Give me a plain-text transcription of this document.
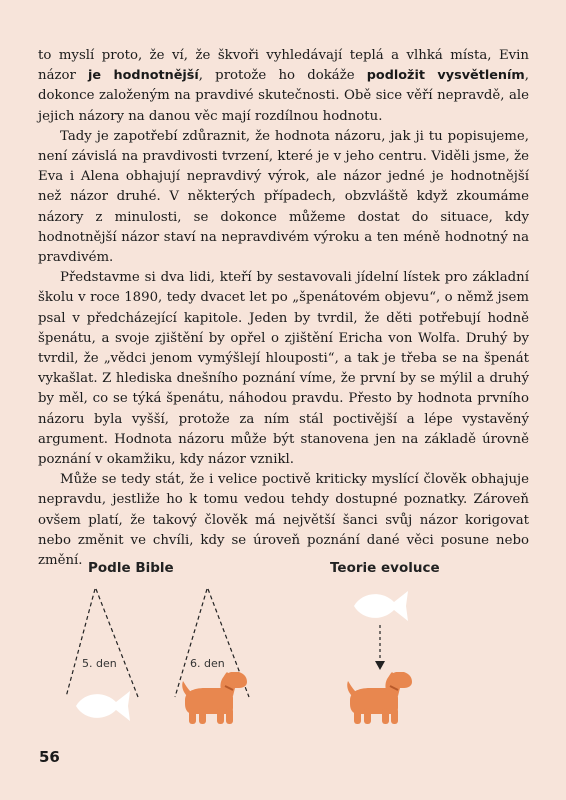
to myslí proto, že ví, že škvoři vyhledávají teplá a vlhká místa, Evin názor je hodnotnější, protože ho dokáže podložit vysvětlením, dokonce založeným na pravdivé skutečnosti. Obě sice věří nepravdě, ale jejich názory na danou věc mají rozdílnou hodnotu.

Tady je zapotřebí zdůraznit, že hodnota názoru, jak ji tu popisujeme, není závislá na pravdivosti tvrzení, které je v jeho centru. Viděli jsme, že Eva i Alena obhajují nepravdivý výrok, ale názor jedné je hodnotnější než názor druhé. V některých případech, obzvláště když zkoumáme názory z minulosti, se dokonce můžeme dostat do situace, kdy hodnotnější názor staví na nepravdivém výroku a ten méně hodnotný na pravdivém.

Představme si dva lidi, kteří by sestavovali jídelní lístek pro základní školu v roce 1890, tedy dvacet let po „špenátovém objevu“, o němž jsem psal v předcházející kapitole. Jeden by tvrdil, že děti potřebují hodně špenátu, a svoje zjištění by opřel o zjištění Ericha von Wolfa. Druhý by tvrdil, že „vědci jenom vymýšlejí hlouposti“, a tak je třeba se na špenát vykašlat. Z hlediska dnešního poznání víme, že první by se mýlil a druhý by měl, co se týká špenátu, náhodou pravdu. Přesto by hodnota prvního názoru byla vyšší, protože za ním stál poctivější a lépe vystavěný argument. Hodnota názoru může být stanovena jen na základě úrovně poznání v okamžiku, kdy názor vznikl.

Může se tedy stát, že i velice poctivě kriticky myslící člověk obhajuje nepravdu, jestliže ho k tomu vedou tehdy dostupné poznatky. Zároveň ovšem platí, že takový člověk má největší šanci svůj názor korigovat nebo změnit ve chvíli, kdy se úroveň poznání dané věci posune nebo změní. Podle Bible	Teorie evoluce
5. den	6. den
56
